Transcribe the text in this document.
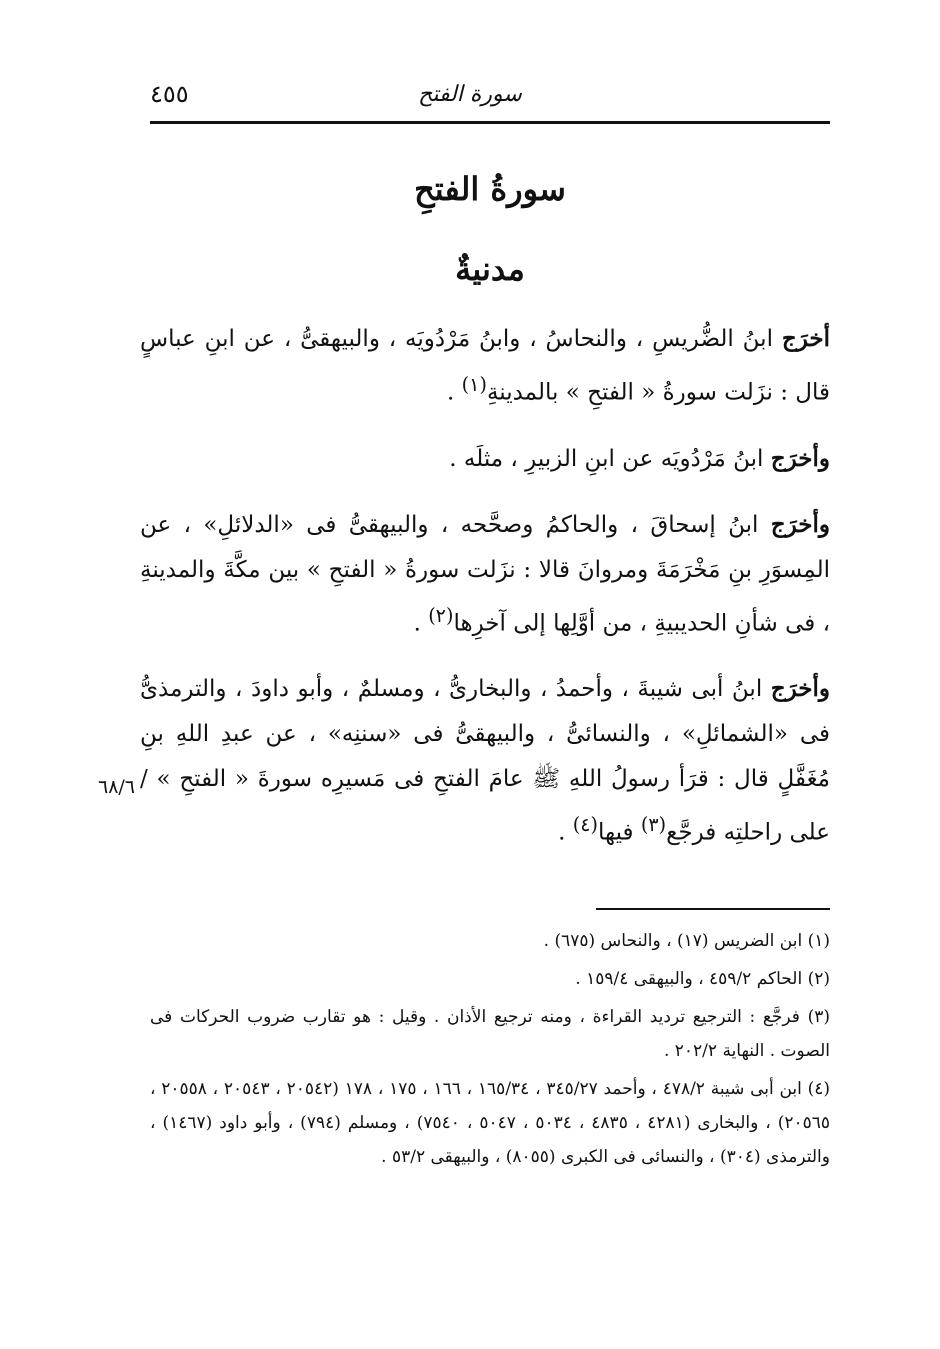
٤٥٥	سورة الفتح
سورةُ الفتحِ
مدنيةٌ

أخرَج ابنُ الضُّريسِ ، والنحاسُ ، وابنُ مَرْدُويَه ، والبيهقىُّ ، عن ابنِ عباسٍ قال : نزَلت سورةُ « الفتحِ » بالمدينةِ$^{(١)}$ .

وأخرَج ابنُ مَرْدُويَه عن ابنِ الزبيرِ ، مثلَه .

وأخرَج ابنُ إسحاقَ ، والحاكمُ وصحَّحه ، والبيهقىُّ فى «الدلائلِ» ، عن المِسوَرِ بنِ مَخْرَمَةَ ومروانَ قالا : نزَلت سورةُ « الفتحِ » بين مكَّةَ والمدينةِ ، فى شأنِ الحديبيةِ ، من أوَّلِها إلى آخرِها$^{(٢)}$ .

وأخرَج ابنُ أبى شيبةَ ، وأحمدُ ، والبخارىُّ ، ومسلمٌ ، وأبو داودَ ، والترمذىُّ فى «الشمائلِ» ، والنسائىُّ ، والبيهقىُّ فى «سننِه» ، عن عبدِ اللهِ بنِ مُغَفَّلٍ قال : قرَأ رسولُ اللهِ ﷺ عامَ الفتحِ فى مَسيرِه سورةَ « الفتحِ » /على راحلتِه فرجَّع$^{(٣)}$ فيها$^{(٤)}$ .

٦٨/٦

(١) ابن الضريس (١٧) ، والنحاس (٦٧٥) .

(٢) الحاكم ٤٥٩/٢ ، والبيهقى ١٥٩/٤ .

(٣) فرجَّع : الترجيع ترديد القراءة ، ومنه ترجيع الأذان . وقيل : هو تقارب ضروب الحركات فى الصوت . النهاية ٢٠٢/٢ .

(٤) ابن أبى شيبة ٤٧٨/٢ ، وأحمد ٣٤٥/٢٧ ، ١٦٥/٣٤ ، ١٦٦ ، ١٧٥ ، ١٧٨ (٢٠٥٤٢ ، ٢٠٥٤٣ ، ٢٠٥٥٨ ، ٢٠٥٦٥) ، والبخارى (٤٢٨١ ، ٤٨٣٥ ، ٥٠٣٤ ، ٥٠٤٧ ، ٧٥٤٠) ، ومسلم (٧٩٤) ، وأبو داود (١٤٦٧) ، والترمذى (٣٠٤) ، والنسائى فى الكبرى (٨٠٥٥) ، والبيهقى ٥٣/٢ .
